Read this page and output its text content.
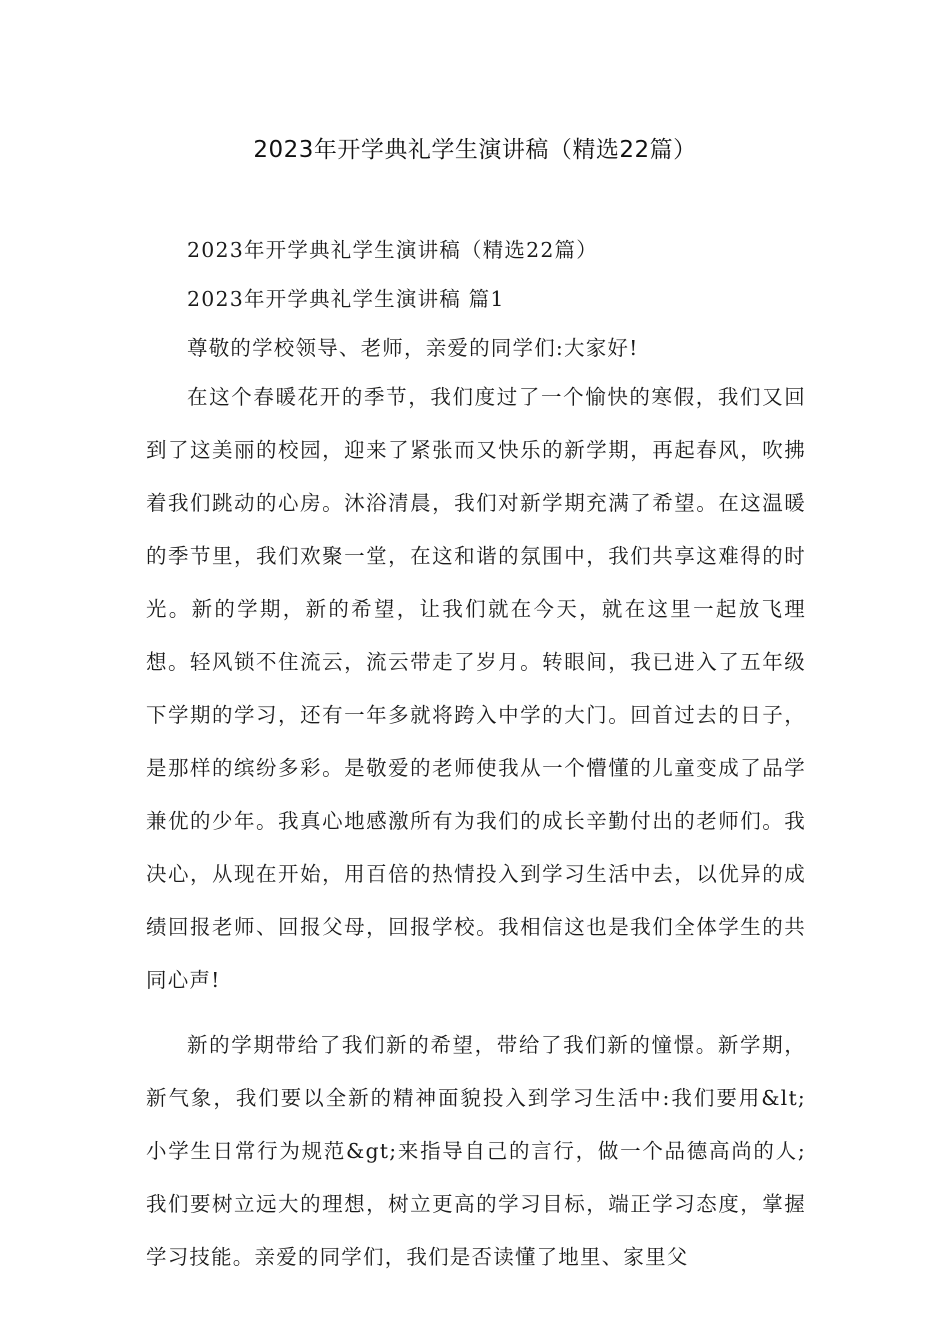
2023年开学典礼学生演讲稿（精选22篇）

2023年开学典礼学生演讲稿（精选22篇）

2023年开学典礼学生演讲稿 篇1

尊敬的学校领导、老师，亲爱的同学们:大家好!

在这个春暖花开的季节，我们度过了一个愉快的寒假，我们又回到了这美丽的校园，迎来了紧张而又快乐的新学期，再起春风，吹拂着我们跳动的心房。沐浴清晨，我们对新学期充满了希望。在这温暖的季节里，我们欢聚一堂，在这和谐的氛围中，我们共享这难得的时光。新的学期，新的希望，让我们就在今天，就在这里一起放飞理想。轻风锁不住流云，流云带走了岁月。转眼间，我已进入了五年级下学期的学习，还有一年多就将跨入中学的大门。回首过去的日子，是那样的缤纷多彩。是敬爱的老师使我从一个懵懂的儿童变成了品学兼优的少年。我真心地感激所有为我们的成长辛勤付出的老师们。我决心，从现在开始，用百倍的热情投入到学习生活中去，以优异的成绩回报老师、回报父母，回报学校。我相信这也是我们全体学生的共同心声!

新的学期带给了我们新的希望，带给了我们新的憧憬。新学期，新气象，我们要以全新的精神面貌投入到学习生活中:我们要用&lt;小学生日常行为规范&gt;来指导自己的言行，做一个品德高尚的人;我们要树立远大的理想，树立更高的学习目标，端正学习态度，掌握学习技能。亲爱的同学们，我们是否读懂了地里、家里父
